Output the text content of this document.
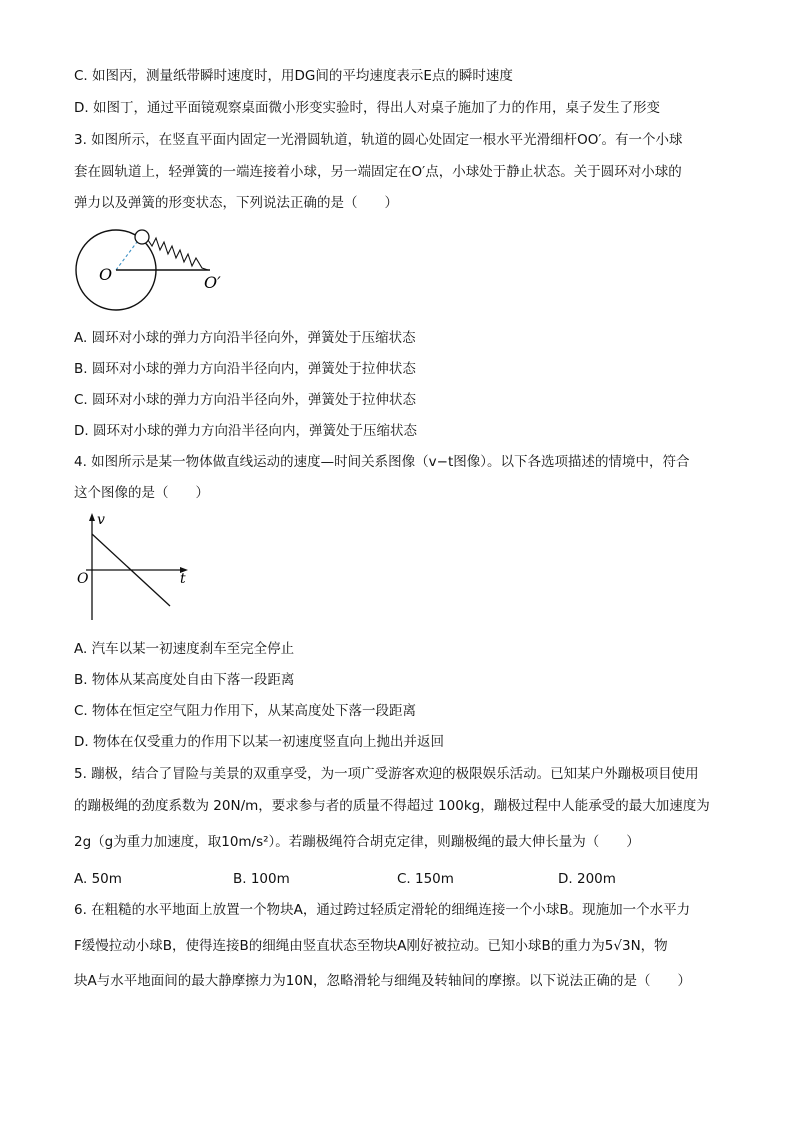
C. 如图丙，测量纸带瞬时速度时，用DG间的平均速度表示E点的瞬时速度
D. 如图丁，通过平面镜观察桌面微小形变实验时，得出人对桌子施加了力的作用，桌子发生了形变
3. 如图所示，在竖直平面内固定一光滑圆轨道，轨道的圆心处固定一根水平光滑细杆OO′。有一个小球
套在圆轨道上，轻弹簧的一端连接着小球，另一端固定在O′点，小球处于静止状态。关于圆环对小球的
弹力以及弹簧的形变状态，下列说法正确的是（　　）
O	O′
A. 圆环对小球的弹力方向沿半径向外，弹簧处于压缩状态
B. 圆环对小球的弹力方向沿半径向内，弹簧处于拉伸状态
C. 圆环对小球的弹力方向沿半径向外，弹簧处于拉伸状态
D. 圆环对小球的弹力方向沿半径向内，弹簧处于压缩状态
4. 如图所示是某一物体做直线运动的速度—时间关系图像（v−t图像）。以下各选项描述的情境中，符合
这个图像的是（　　）
v
t
O
A. 汽车以某一初速度刹车至完全停止
B. 物体从某高度处自由下落一段距离
C. 物体在恒定空气阻力作用下，从某高度处下落一段距离
D. 物体在仅受重力的作用下以某一初速度竖直向上抛出并返回
5. 蹦极，结合了冒险与美景的双重享受，为一项广受游客欢迎的极限娱乐活动。已知某户外蹦极项目使用
的蹦极绳的劲度系数为 20N/m，要求参与者的质量不得超过 100kg，蹦极过程中人能承受的最大加速度为
2g（g为重力加速度，取10m/s²）。若蹦极绳符合胡克定律，则蹦极绳的最大伸长量为（　　）
A. 50m	B. 100m	C. 150m	D. 200m
6. 在粗糙的水平地面上放置一个物块A，通过跨过轻质定滑轮的细绳连接一个小球B。现施加一个水平力
F缓慢拉动小球B，使得连接B的细绳由竖直状态至物块A刚好被拉动。已知小球B的重力为5√3N，物
块A与水平地面间的最大静摩擦力为10N，忽略滑轮与细绳及转轴间的摩擦。以下说法正确的是（　　）
